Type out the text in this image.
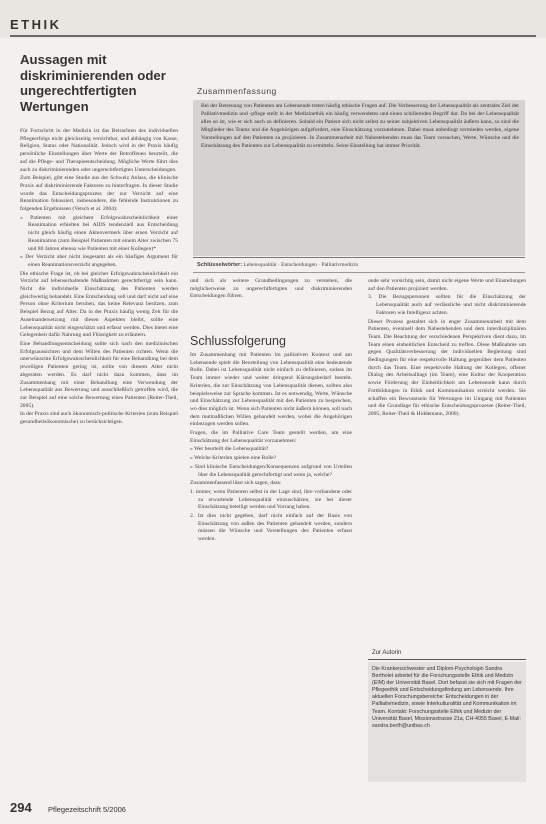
ETHIK
Aussagen mit diskriminierenden oder ungerechtfertigten Wertungen

Für Fortschritt in der Medizin ist das Betrachten des individuellen Pflegeerfolgs nicht gleichzeitig verzichtbar, und abhängig von Kasse, Religion, Status oder Nationalität. Jedoch wird in der Praxis häufig persönliche Einstellungen über Werte der Betroffenen beurteilt, die auf die Pflege- und Therapieentscheidung. Mögliche Werte führt dies auch zu diskriminierenden oder ungerechtfertigten Unterscheidungen.

Zum Beispiel, gibt eine Studie aus der Schweiz Anlass, die klinische Praxis auf diskriminierende Faktoren zu hinterfragen. In dieser Studie wurde das Entscheidungsprozess der zur Verzicht auf eine Reanimation fokussiert, insbesondere, die fehlende Instruktionen zu folgenden Ergebnissen (Vetsch et al. 2004):

» Patienten mit gleichem Erfolgswahrscheinlichkeit einer Reanimation erhielten bei AIDS tendenziell aus Entscheidung nicht gleich häufig einen Aktenvermerk über einen Verzicht auf Reanimation (zum Beispiel Patienten mit einem Alter zwischen 75 und 80 Jahren ebenso wie Patienten mit einer Kollegen)*

» Der Verzicht aber nicht insgesamt als ein häufiges Argument für einen Reanimationsverzicht angegeben.

Die ethische Frage ist, ob bei gleicher Erfolgswahrscheinlichkeit ein Verzicht auf lebenserhaltende Maßnahmen gerechtfertigt sein kann. Nicht die individuelle Einschätzung des Patienten werden gleichwertig behandelt. Eine Entscheidung soll und darf nicht auf eine Person ohne Kriterium beruhen, das keine Relevanz besitzen, zum Beispiel Bezug auf Alter. Da in der Praxis häufig wenig Zeit für die Auseinandersetzung mit diesen Aspekten bleibt, sollte eine Lebensqualität nicht eingeschätzt und erfasst werden. Dies bietet eine Gelegenheit dafür Nahrung und Flüssigkeit zu erläutern.

Eine Behandlungsentscheidung sollte sich nach den medizinischen Erfolgsaussichten und dem Willen des Patienten richten. Wenn die unerwünschte Erfolgswahrscheinlichkeit für eine Behandlung bei dem jeweiligen Patienten gering ist, sollte von diesem Alter nicht abgeraten werden. Es darf nicht dazu kommen, dass im Zusammenhang mit einer Behandlung eine Verwendung der Lebensqualität aus Bewertung und ausschließlich getroffen wird, die zur Beispiel auf eine solche Bewertung eines Patienten (Reiter-Theil, 2005).

In der Praxis sind auch ökonomisch-politische Kriterien (zum Beispiel gesundheitsökonomische) zu berücksichtigen.

Zusammenfassung
Bei der Betreuung von Patienten am Lebensende treten häufig ethische Fragen auf. Die Verbesserung der Lebensqualität als zentrales Ziel der Palliativmedizin und -pflege stellt in der Medizinethik ein häufig verwendetes und einen schillernden Begriff dar. Da bei der Lebensqualität alles so ist, wie er sich auch zu definieren. Sobald ein Patient sich nicht selbst zu seiner subjektiven Lebensqualität äußern kann, so sind die Mitglieder des Teams und die Angehörigen aufgefordert, eine Einschätzung vorzunehmen. Dabei muss unbedingt vermieden werden, eigene Vorstellungen auf den Patienten zu projizieren. In Zusammenarbeit mit Nahestehenden muss das Team versuchen, Werte, Wünsche und die Einschätzung des Patienten zur Lebensqualität zu ermitteln. Seine Einstellung hat immer Priorität.
Schlüsselwörter: Lebensqualität · Entscheidungen · Palliativmedizin

und sich als weitere Grundbedingungen zu verstehen, die möglicherweise zu ungerechtfertigten und diskriminierenden Entscheidungen führen.

Schlussfolgerung

Im Zusammenhang mit Patienten im palliativen Kontext und am Lebensende spielt die Beurteilung von Lebensqualität eine bedeutende Rolle. Dabei ist Lebensqualität nicht einfach zu definieren, sodass im Team immer wieder und weiter dringend Klärungsbedarf besteht. Kriterien, die zur Einschätzung von Lebensqualität dienen, sollten also beispielsweise zur Sprache kommen. Ist es notwendig, Werte, Wünsche und Einschätzung zur Lebensqualität mit den Patienten zu besprechen, wo dies möglich ist. Wenn sich Patienten nicht äußern können, soll nach dem mutmaßlichen Willen gehandelt werden, wobei die Angehörigen einbezogen werden sollen.

Fragen, die im Palliative Care Team gestellt werden, um eine Einschätzung der Lebensqualität vorzunehmen:

» Wer beurteilt die Lebensqualität?

» Welche Kriterien spielen eine Rolle?

» Sind klinische Entscheidungen/Konsequenzen aufgrund von Urteilen über die Lebensqualität gerechtfertigt und wenn ja, welche?

Zusammenfassend lässt sich sagen, dass:

1. immer, wenn Patienten selbst in der Lage sind, ihre vorhandene oder zu erwartende Lebensqualität einzuschätzen, sie bei dieser Einschätzung beteiligt werden und Vorrang haben.

2. Ist dies nicht gegeben, darf nicht einfach auf der Basis von Einschätzung von außen des Patienten gehandelt werden, sondern müssen die Wünsche und Vorstellungen des Patienten erfasst werden.

onde sehr vorsichtig sein, damit nicht eigene Werte und Einstellungen auf den Patienten projiziert werden.

3. Die Bezugspersonen sollten für die Einschätzung der Lebensqualität auch auf verlässliche und nicht diskriminierende Faktoren wie Intelligenz achten.

Dieser Prozess gestaltet sich in enger Zusammenarbeit mit dem Patienten, eventuell dem Nahestehenden und dem interdisziplinären Team. Die Beachtung der verschiedenen Perspektiven dient dazu, im Team einen einheitlichen Entscheid zu treffen. Diese Maßnahme um gegen Qualitätsverbesserung der individuellen Begleitung sind Bedingungen für eine respektvolle Haltung gegenüber dem Patienten durch das Team. Eine respektvolle Haltung der Kollegen, offener Dialog des Arbeitsalltags (im Team), eine Kultur der Kooperation sowie Förderung der Einheitlichkeit am Lebensende kann durch Fortbildungen in Ethik und Kommunikation erreicht werden. Sie schaffen ein Bewusstsein für Wertungen im Umgang mit Patienten und die Grundlage für ethische Entscheidungsprozesse (Reiter-Theil, 2005; Reiter-Theil & Hiddemann, 2000).

Zur Autorin
Die Krankenschwester und Diplom-Psychologin Sandra Bertholet arbeitet für die Forschungsstelle Ethik und Medizin (EIM) der Universität Basel. Dort befasst sie sich mit Fragen der Pflegeethik und Entscheidungsfindung am Lebensende. Ihre aktuellen Forschungsbereiche: Entscheidungen in der Palliativmedizin, sowie Interkulturalität und Kommunikation im Team. Kontakt: Forschungsstelle Ethik und Medizin der Universität Basel, Missionsstrasse 21a, CH-4055 Basel, E-Mail: sandra.berth@unibas.ch
294 Pflegezeitschrift 5/2006
